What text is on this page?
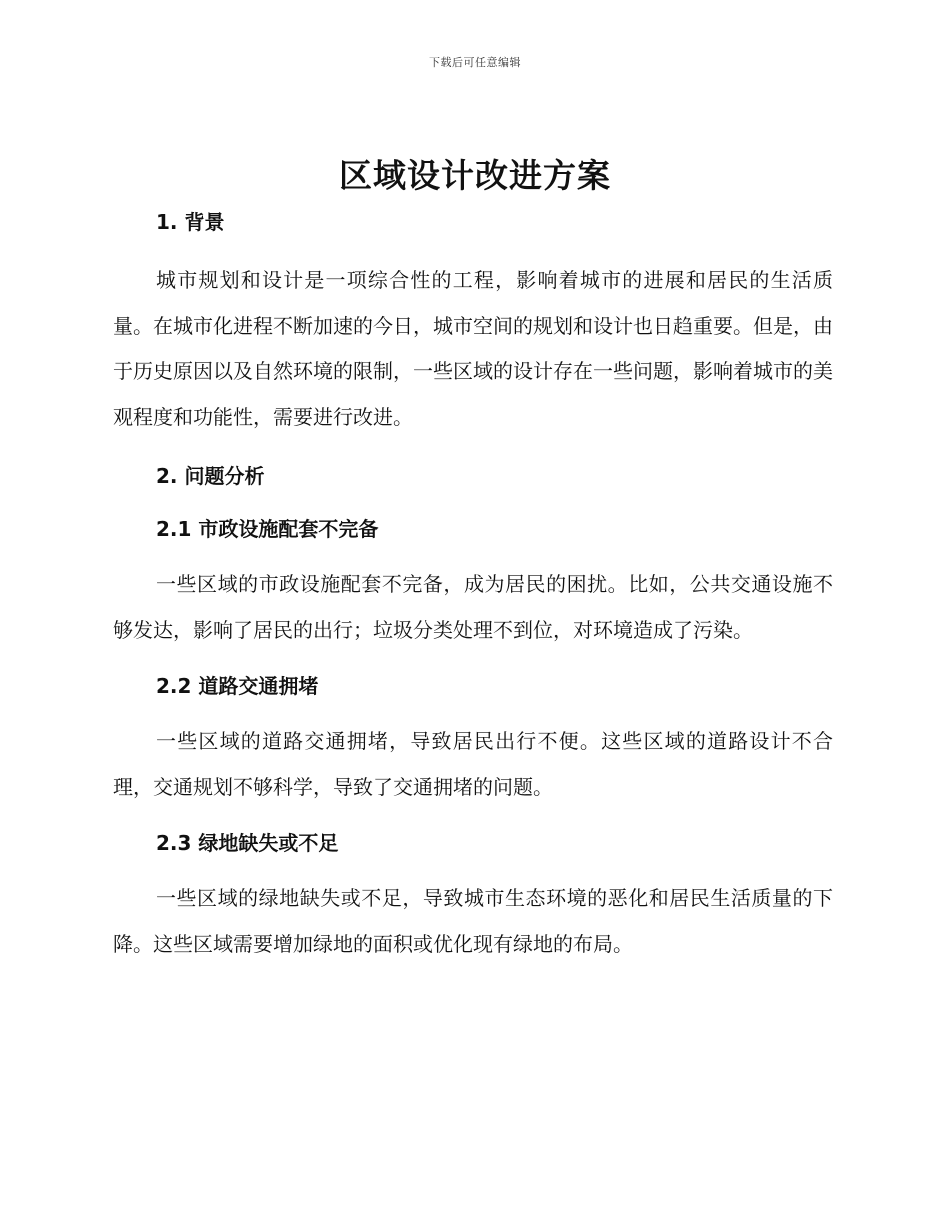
下载后可任意编辑
区域设计改进方案
1. 背景

城市规划和设计是一项综合性的工程，影响着城市的进展和居民的生活质量。在城市化进程不断加速的今日，城市空间的规划和设计也日趋重要。但是，由于历史原因以及自然环境的限制，一些区域的设计存在一些问题，影响着城市的美观程度和功能性，需要进行改进。

2. 问题分析
2.1 市政设施配套不完备

一些区域的市政设施配套不完备，成为居民的困扰。比如，公共交通设施不够发达，影响了居民的出行；垃圾分类处理不到位，对环境造成了污染。

2.2 道路交通拥堵

一些区域的道路交通拥堵，导致居民出行不便。这些区域的道路设计不合理，交通规划不够科学，导致了交通拥堵的问题。

2.3 绿地缺失或不足

一些区域的绿地缺失或不足，导致城市生态环境的恶化和居民生活质量的下降。这些区域需要增加绿地的面积或优化现有绿地的布局。
